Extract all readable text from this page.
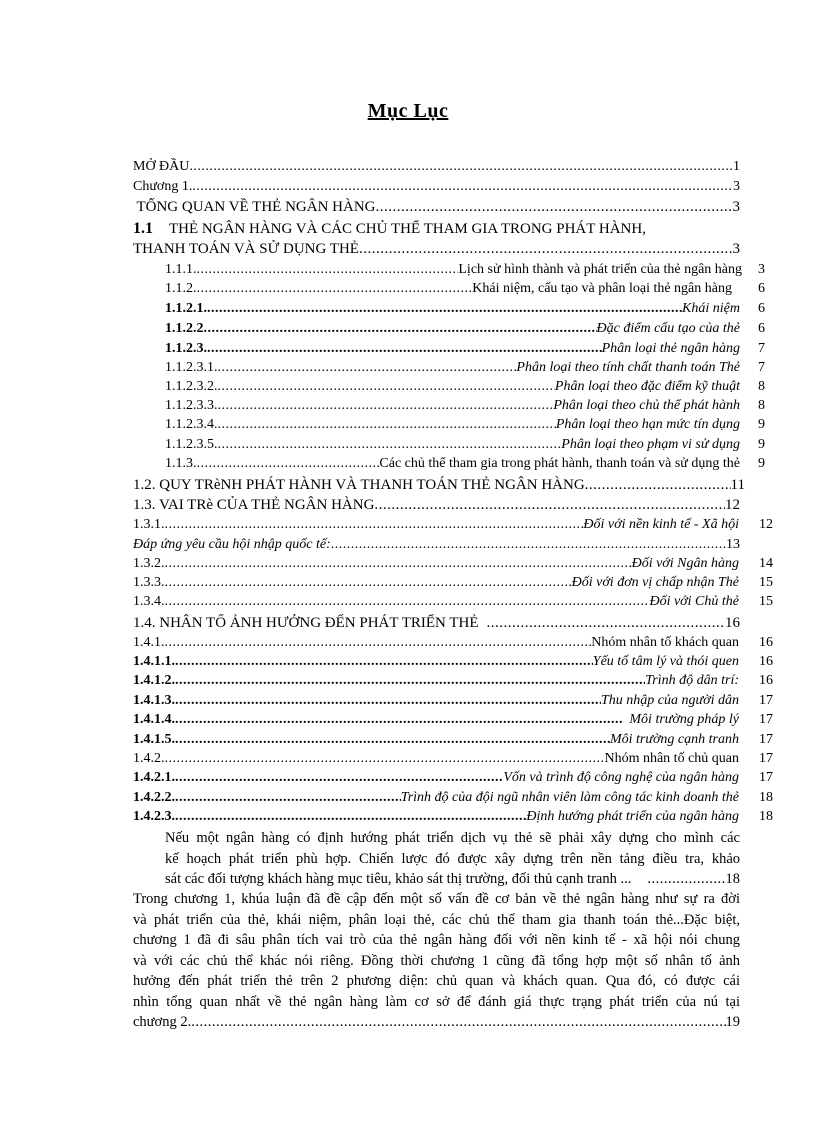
Mục Lục
MỞ ĐẦU .....	1
Chương 1. .....	3
TỔNG QUAN VỀ THẺ NGÂN HÀNG .....	3
1.1 THẺ NGÂN HÀNG VÀ CÁC CHỦ THỂ THAM GIA TRONG PHÁT HÀNH,
THANH TOÁN VÀ SỬ DỤNG THẺ .....	3
1.1.1. .....	Lịch sử hình thành và phát triển của thẻ ngân hàng 3
1.1.2. .....	Khái niệm, cấu tạo và phân loại thẻ ngân hàng 6
1.1.2.1. .....	Khái niệm 6
1.1.2.2 .....	Đặc điểm cấu tạo của thẻ 6
1.1.2.3. .....	Phân loại thẻ ngân hàng 7
1.1.2.3.1. .....	Phân loại theo tính chất thanh toán Thẻ 7
1.1.2.3.2. .....	Phân loại theo đặc điểm kỹ thuật 8
1.1.2.3.3. .....	Phân loại theo chủ thể phát hành 8
1.1.2.3.4. .....	Phân loại theo hạn mức tín dụng 9
1.1.2.3.5. .....	Phân loại theo phạm vi sử dụng 9
1.1.3. .....	Các chủ thể tham gia trong phát hành, thanh toán và sử dụng thẻ 9
1.2. QUY TRèNH PHÁT HÀNH VÀ THANH TOÁN THẺ NGÂN HÀNG .....	11
1.3. VAI TRè CỦA THẺ NGÂN HÀNG .....	12
1.3.1. .....	Đối với nền kinh tế - Xã hội 12
Đáp ứng yêu cầu hội nhập quốc tế: .....	13
1.3.2. .....	Đối với Ngân hàng 14
1.3.3. .....	Đối với đơn vị chấp nhận Thẻ 15
1.3.4. .....	Đối với Chủ thẻ 15
1.4. NHÂN TỐ ẢNH HƯỞNG ĐẾN PHÁT TRIỂN THẺ .....	16
1.4.1. .....	Nhóm nhân tố khách quan 16
1.4.1.1. .....	Yếu tố tâm lý và thói quen 16
1.4.1.2. .....	Trình độ dân trí: 16
1.4.1.3. .....	Thu nhập của người dân 17
1.4.1.4. .....	Môi trường pháp lý 17
1.4.1.5. .....	Môi trường cạnh tranh 17
1.4.2. .....	Nhóm nhân tố chủ quan 17
1.4.2.1. .....	Vốn và trình độ công nghệ của ngân hàng 17
1.4.2.2. .....	Trình độ của đội ngũ nhân viên làm công tác kinh doanh thẻ 18
1.4.2.3. .....	Định hướng phát triển của ngân hàng 18
Nếu một ngân hàng có định hướng phát triển dịch vụ thẻ sẽ phải xây dựng cho mình các
kế hoạch phát triển phù hợp. Chiến lược đó được xây dựng trên nền tảng điều tra, khảo
sát các đối tượng khách hàng mục tiêu, khảo sát thị trường, đối thủ cạnh tranh ... .....	18
Trong chương 1, khúa luận đã đề cập đến một số vấn đề cơ bản về thẻ ngân hàng như sự ra đời
và phát triển của thẻ, khái niệm, phân loại thẻ, các chủ thể tham gia thanh toán thẻ...Đặc biệt,
chương 1 đã đi sâu phân tích vai trò của thẻ ngân hàng đối với nền kinh tế - xã hội nói chung
và với các chủ thể khác nói riêng. Đồng thời chương 1 cũng đã tổng hợp một số nhân tố ảnh
hưởng đến phát triển thẻ trên 2 phương diện: chủ quan và khách quan. Qua đó, có được cái
nhìn tổng quan nhất về thẻ ngân hàng làm cơ sở để đánh giá thực trạng phát triển của nú tại
chương 2. .....	19
